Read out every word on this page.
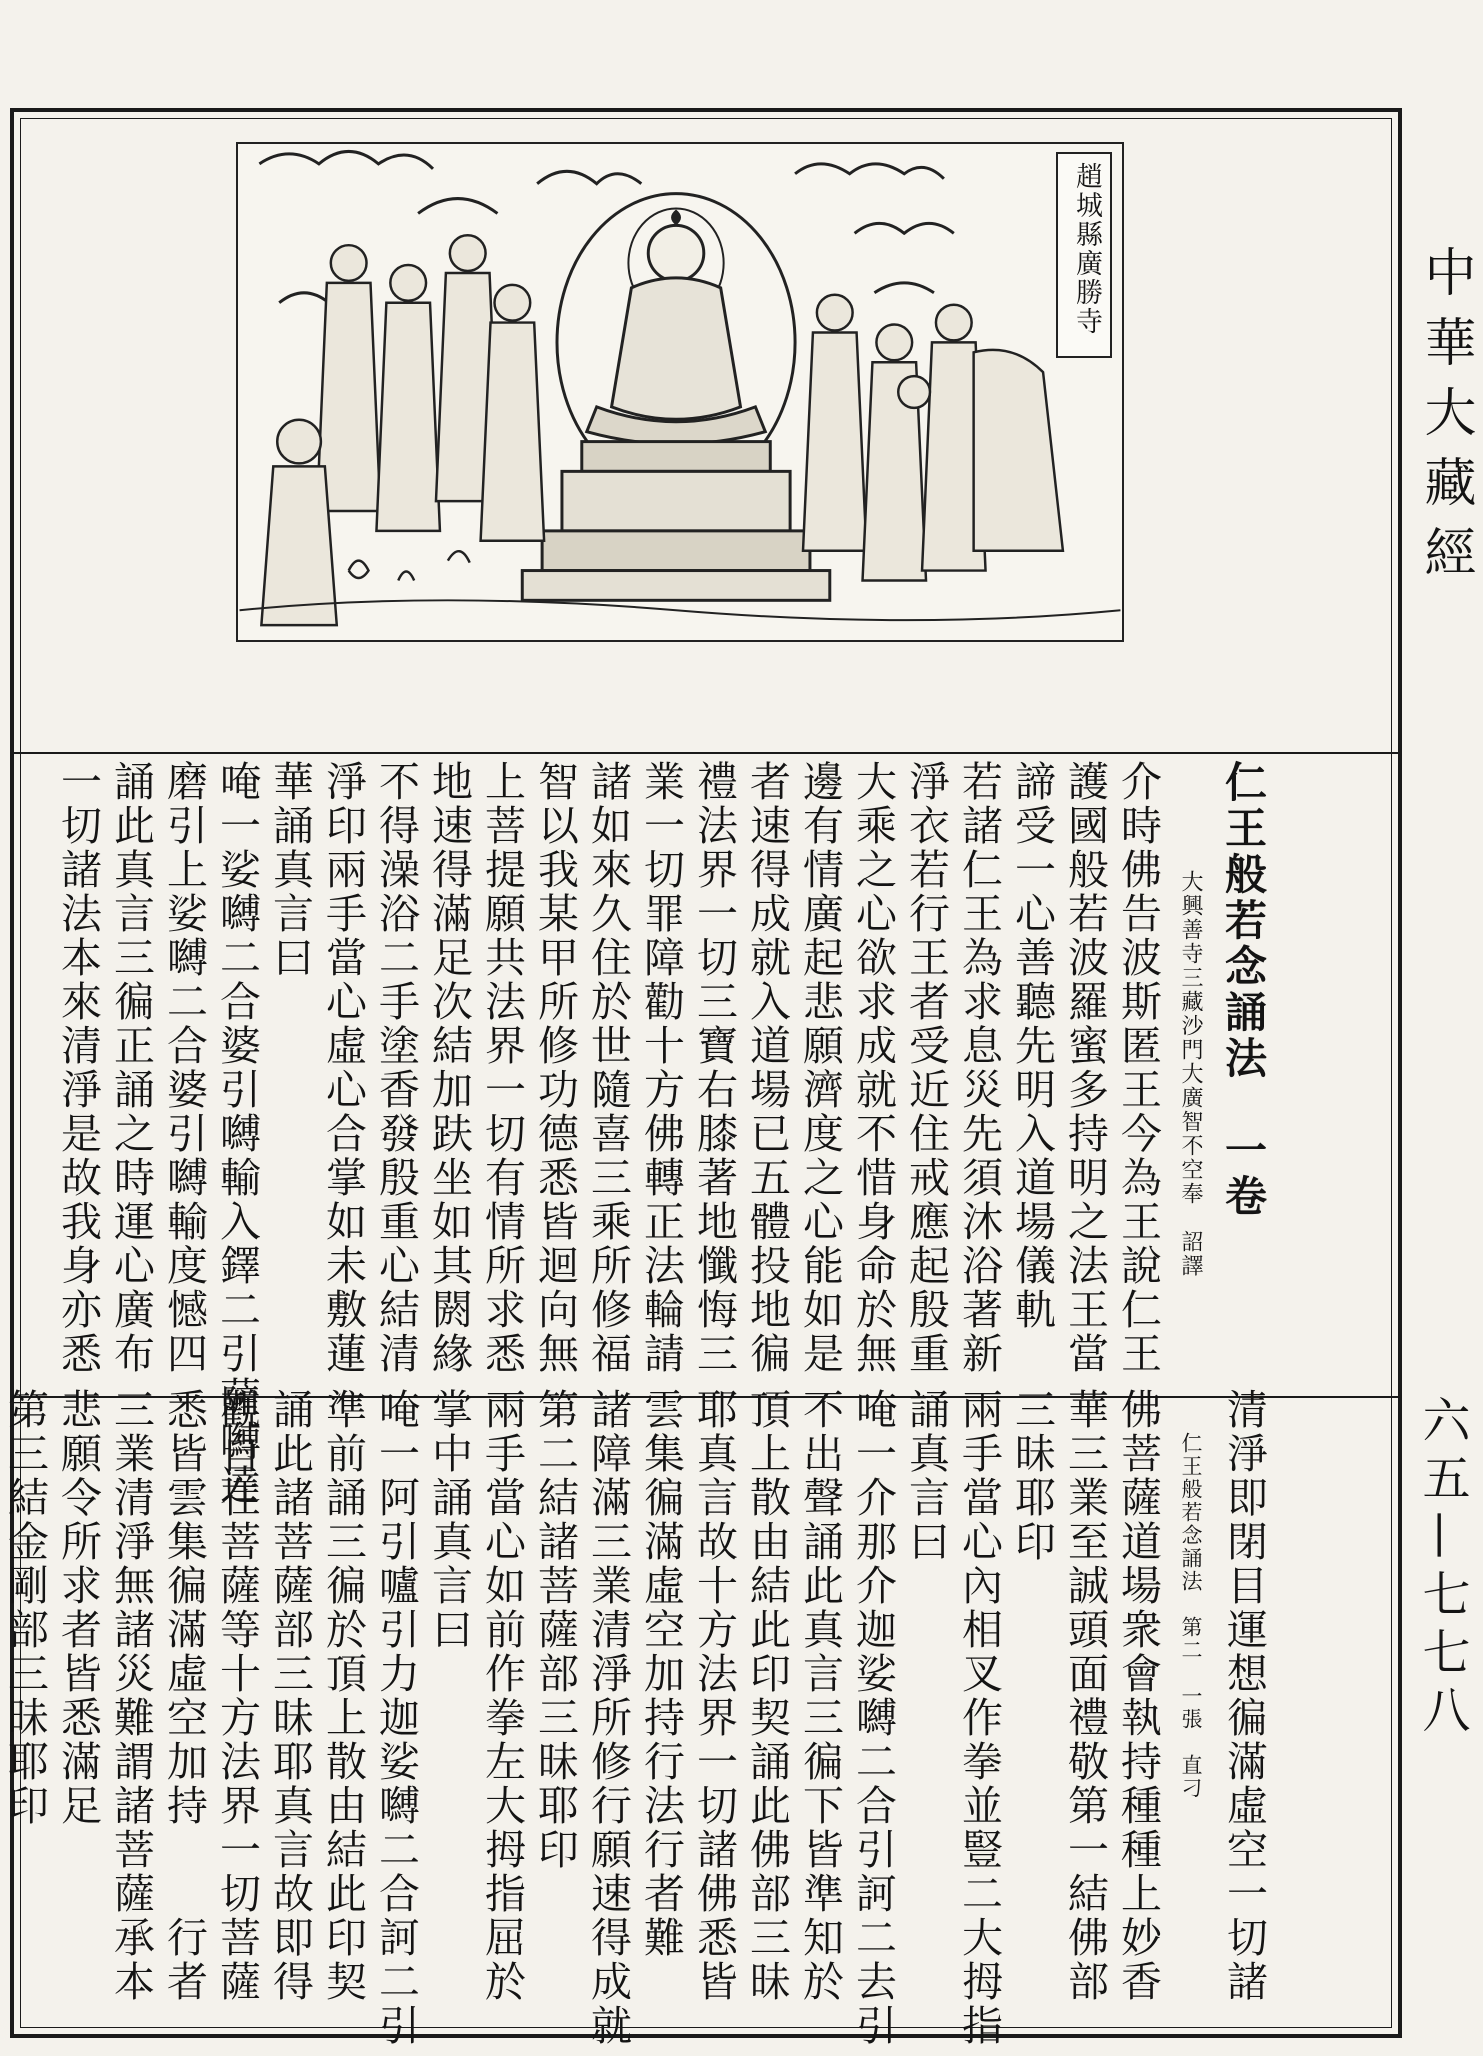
趙城縣廣勝寺
仁王般若念誦法　一卷
大興善寺三藏沙門大廣智不空奉　詔譯
介時佛告波斯匿王今為王說仁王
護國般若波羅蜜多持明之法王當
諦受一心善聽先明入道場儀軌
若諸仁王為求息災先須沐浴著新
淨衣若行王者受近住戒應起殷重
大乘之心欲求成就不惜身命於無
邊有情廣起悲願濟度之心能如是
者速得成就入道場已五體投地徧
禮法界一切三寶右膝著地懺悔三
業一切罪障勸十方佛轉正法輪請
諸如來久住於世隨喜三乘所修福
智以我某甲所修功德悉皆迴向無
上菩提願共法界一切有情所求悉
地速得滿足次結加趺坐如其閼緣
不得澡浴二手塗香發殷重心結清
淨印兩手當心虛心合掌如未敷蓮
華誦真言曰
唵一娑嚩二合婆引嚩輸入鐸二引薩嚩達
磨引上娑嚩二合婆引嚩輸度憾四
誦此真言三徧正誦之時運心廣布
一切諸法本來清淨是故我身亦悉
清淨即閉目運想徧滿虛空一切諸
仁王般若念誦法　第二　一張　直刁
佛菩薩道場衆會執持種種上妙香
華三業至誠頭面禮敬第一結佛部
三昧耶印
兩手當心內相叉作拳並豎二大拇指
誦真言曰
唵一介那介迦娑嚩二合引訶二去引
不出聲誦此真言三徧下皆準知於
頂上散由結此印契誦此佛部三昧
耶真言故十方法界一切諸佛悉皆
雲集徧滿虛空加持行法行者難
諸障滿三業清淨所修行願速得成就
第二結諸菩薩部三昧耶印
兩手當心如前作拳左大拇指屈於
掌中誦真言曰
唵一阿引嚧引力迦娑嚩二合訶二引
準前誦三徧於頂上散由結此印契
誦此諸菩薩部三昧耶真言故即得
觀自在菩薩等十方法界一切菩薩
悉皆雲集徧滿虛空加持　　行者
三業清淨無諸災難謂諸菩薩承本
悲願令所求者皆悉滿足
第三結金剛部三昧耶印
中華大藏經
六五—七七八
